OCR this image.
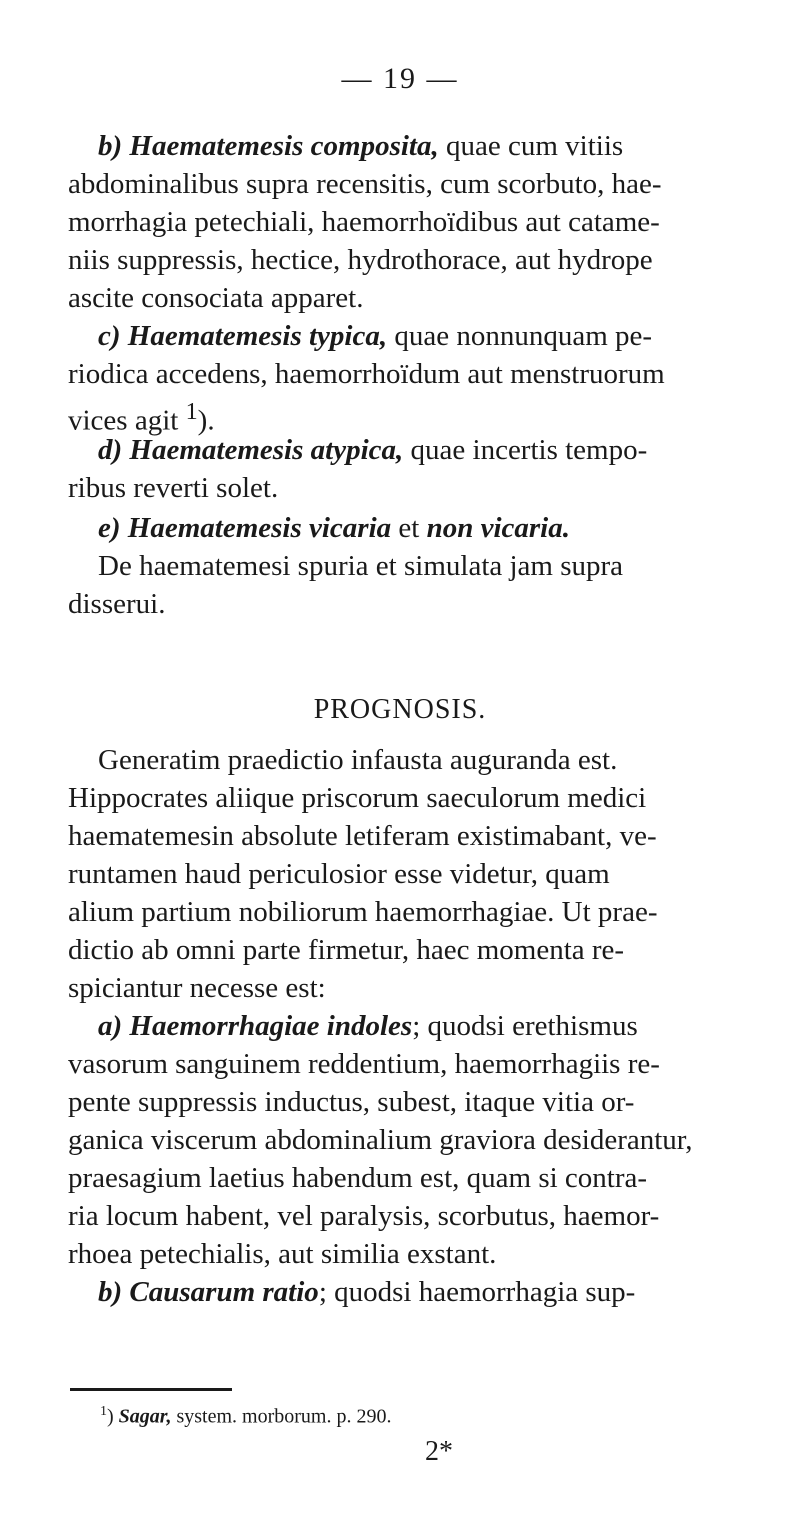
— 19 —
b) Haematemesis composita, quae cum vitiis
abdominalibus supra recensitis, cum scorbuto, hae-
morrhagia petechiali, haemorrhoïdibus aut catame-
niis suppressis, hectice, hydrothorace, aut hydrope
ascite consociata apparet.
c) Haematemesis typica, quae nonnunquam pe-
riodica accedens, haemorrhoïdum aut menstruorum
vices agit $^1$).
d) Haematemesis atypica, quae incertis tempo-
ribus reverti solet.
e) Haematemesis vicaria et non vicaria.
De haematemesi spuria et simulata jam supra
disserui.
PROGNOSIS.
Generatim praedictio infausta auguranda est.
Hippocrates aliique priscorum saeculorum medici
haematemesin absolute letiferam existimabant, ve-
runtamen haud periculosior esse videtur, quam
alium partium nobiliorum haemorrhagiae. Ut prae-
dictio ab omni parte firmetur, haec momenta re-
spiciantur necesse est:
a) Haemorrhagiae indoles; quodsi erethismus
vasorum sanguinem reddentium, haemorrhagiis re-
pente suppressis inductus, subest, itaque vitia or-
ganica viscerum abdominalium graviora desiderantur,
praesagium laetius habendum est, quam si contra-
ria locum habent, vel paralysis, scorbutus, haemor-
rhoea petechialis, aut similia exstant.
b) Causarum ratio; quodsi haemorrhagia sup-
$^1$) Sagar, system. morborum. p. 290.
2*
